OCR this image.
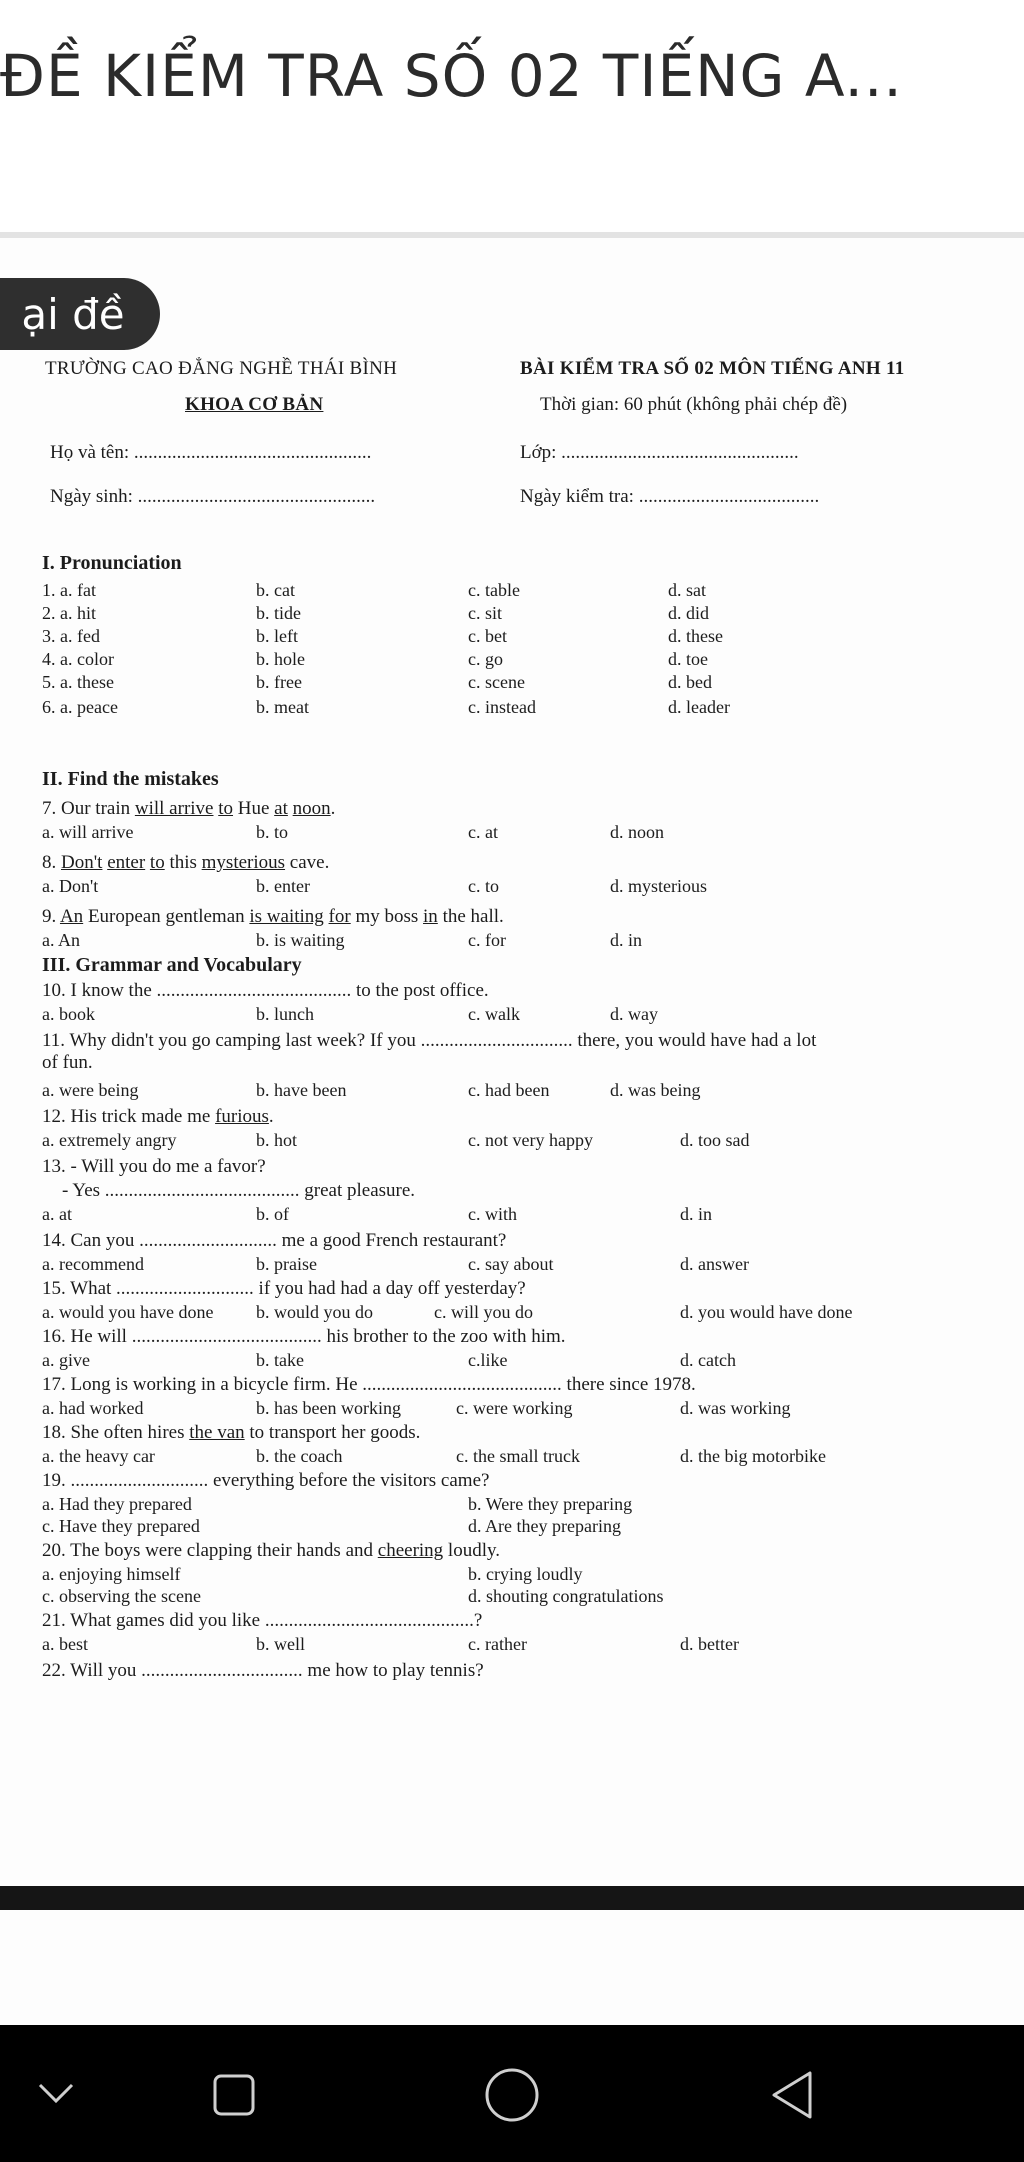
ĐỀ KIỂM TRA SỐ 02 TIẾNG A...
ại đề
TRƯỜNG CAO ĐẲNG NGHỀ THÁI BÌNH	BÀI KIỂM TRA SỐ 02 MÔN TIẾNG ANH 11
KHOA CƠ BẢN	Thời gian: 60 phút (không phải chép đề)
Họ và tên: ..................................................	Lớp: ..................................................
Ngày sinh: ..................................................	Ngày kiểm tra: ......................................
I. Pronunciation
1. a. fat	b. cat	c. table	d. sat
2. a. hit	b. tide	c. sit	d. did
3. a. fed	b. left	c. bet	d. these
4. a. color	b. hole	c. go	d. toe
5. a. these	b. free	c. scene	d. bed
6. a. peace	b. meat	c. instead	d. leader
II. Find the mistakes
7. Our train will arrive to Hue at noon.
a. will arrive	b. to	c. at	d. noon
8. Don't enter to this mysterious cave.
a. Don't	b. enter	c. to	d. mysterious
9. An European gentleman is waiting for my boss in the hall.
a. An	b. is waiting	c. for	d. in
III. Grammar and Vocabulary
10. I know the ......................................... to the post office.
a. book	b. lunch	c. walk	d. way
11. Why didn't you go camping last week? If you ................................ there, you would have had a lot
of fun.
a. were being	b. have been	c. had been	d. was being
12. His trick made me furious.
a. extremely angry	b. hot	c. not very happy	d. too sad
13. - Will you do me a favor?
- Yes ......................................... great pleasure.
a. at	b. of	c. with	d. in
14. Can you ............................. me a good French restaurant?
a. recommend	b. praise	c. say about	d. answer
15. What ............................. if you had had a day off yesterday?
a. would you have done b. would you do	c. will you do	d. you would have done
16. He will ........................................ his brother to the zoo with him.
a. give	b. take	c.like	d. catch
17. Long is working in a bicycle firm. He .......................................... there since 1978.
a. had worked	b. has been working	c. were working	d. was working
18. She often hires the van to transport her goods.
a. the heavy car	b. the coach	c. the small truck	d. the big motorbike
19. ............................. everything before the visitors came?
a. Had they prepared	b. Were they preparing
c. Have they prepared	d. Are they preparing
20. The boys were clapping their hands and cheering loudly.
a. enjoying himself	b. crying loudly
c. observing the scene	d. shouting congratulations
21. What games did you like ............................................?
a. best	b. well	c. rather	d. better
22. Will you .................................. me how to play tennis?
